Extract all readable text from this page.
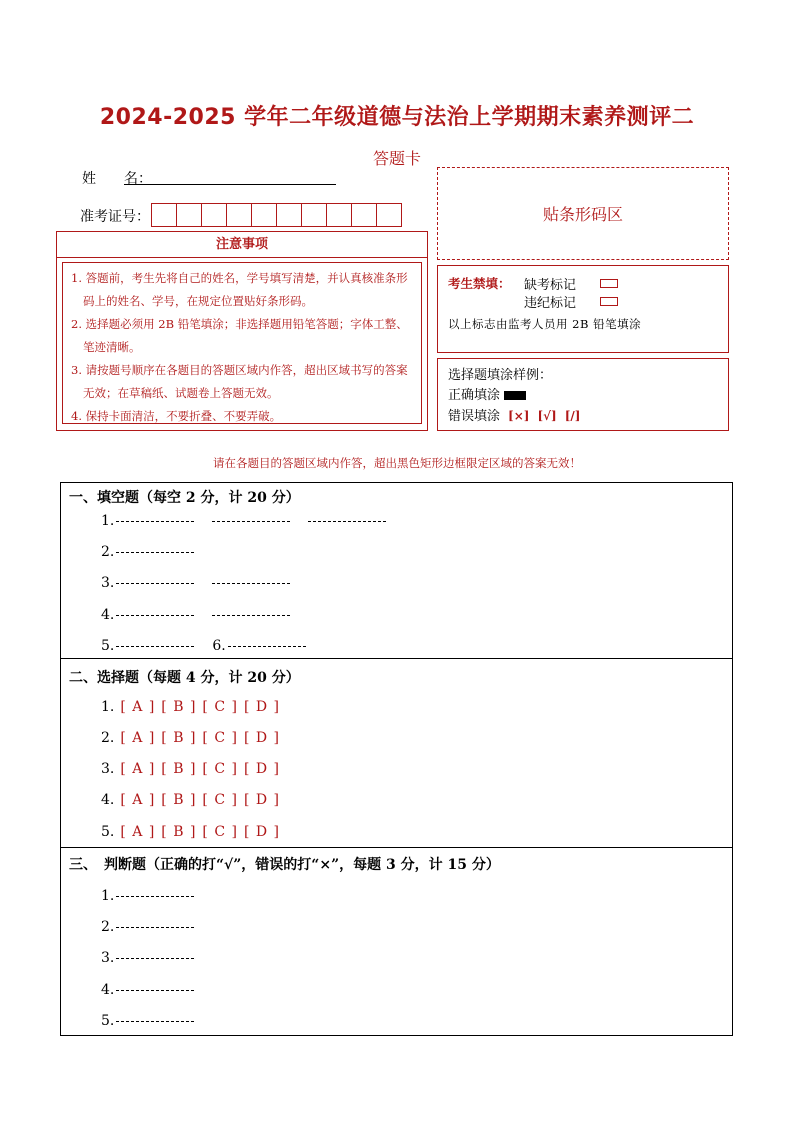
2024-2025 学年二年级道德与法治上学期期末素养测评二
答题卡
姓　　名：
准考证号：	贴条形码区
注意事项
1. 答题前，考生先将自己的姓名，学号填写清楚，并认真核准条形码上的姓名、学号，在规定位置贴好条形码。
2. 选择题必须用 2B 铅笔填涂；非选择题用铅笔答题；字体工整、笔迹清晰。
3. 请按题号顺序在各题目的答题区域内作答，超出区域书写的答案无效；在草稿纸、试题卷上答题无效。
4. 保持卡面清洁，不要折叠、不要弄破。
考生禁填：	缺考标记
违纪标记
以上标志由监考人员用 2B 铅笔填涂
选择题填涂样例：
正确填涂
错误填涂 [×] [√] [/]
请在各题目的答题区域内作答，超出黑色矩形边框限定区域的答案无效！
一、填空题（每空 2 分，计 20 分）
1.
2.
3.
4.
5.	6.
二、选择题（每题 4 分，计 20 分）
1. [ A ] [ B ] [ C ] [ D ]
2. [ A ] [ B ] [ C ] [ D ]
3. [ A ] [ B ] [ C ] [ D ]
4. [ A ] [ B ] [ C ] [ D ]
5. [ A ] [ B ] [ C ] [ D ]
三、　判断题（正确的打“√”，错误的打“×”，每题 3 分，计 15 分）
1.
2.
3.
4.
5.
